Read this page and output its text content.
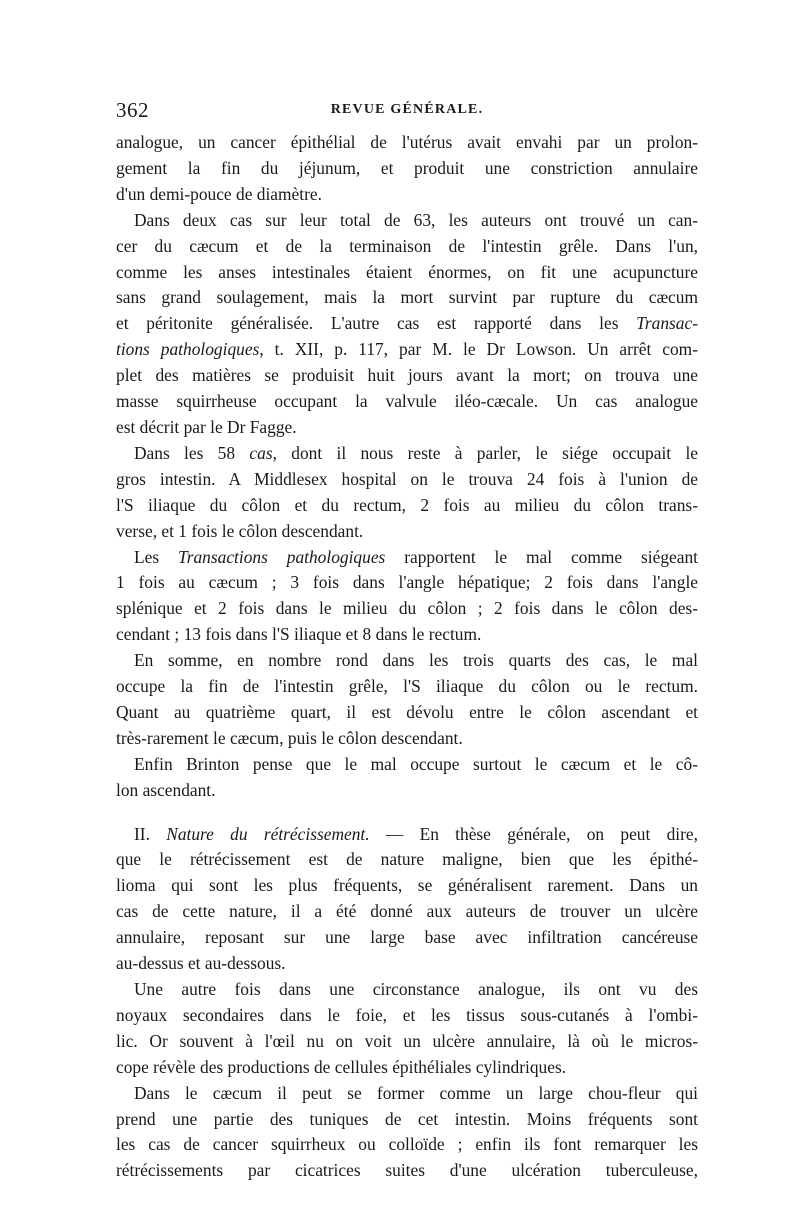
362	REVUE GÉNÉRALE.
analogue, un cancer épithélial de l'utérus avait envahi par un prolon-
gement la fin du jéjunum, et produit une constriction annulaire
d'un demi-pouce de diamètre.
Dans deux cas sur leur total de 63, les auteurs ont trouvé un can-
cer du cæcum et de la terminaison de l'intestin grêle. Dans l'un,
comme les anses intestinales étaient énormes, on fit une acupuncture
sans grand soulagement, mais la mort survint par rupture du cæcum
et péritonite généralisée. L'autre cas est rapporté dans les Transac-
tions pathologiques, t. XII, p. 117, par M. le Dr Lowson. Un arrêt com-
plet des matières se produisit huit jours avant la mort; on trouva une
masse squirrheuse occupant la valvule iléo-cæcale. Un cas analogue
est décrit par le Dr Fagge.
Dans les 58 cas, dont il nous reste à parler, le siége occupait le
gros intestin. A Middlesex hospital on le trouva 24 fois à l'union de
l'S iliaque du côlon et du rectum, 2 fois au milieu du côlon trans-
verse, et 1 fois le côlon descendant.
Les Transactions pathologiques rapportent le mal comme siégeant
1 fois au cæcum ; 3 fois dans l'angle hépatique; 2 fois dans l'angle
splénique et 2 fois dans le milieu du côlon ; 2 fois dans le côlon des-
cendant ; 13 fois dans l'S iliaque et 8 dans le rectum.
En somme, en nombre rond dans les trois quarts des cas, le mal
occupe la fin de l'intestin grêle, l'S iliaque du côlon ou le rectum.
Quant au quatrième quart, il est dévolu entre le côlon ascendant et
très-rarement le cæcum, puis le côlon descendant.
Enfin Brinton pense que le mal occupe surtout le cæcum et le cô-
lon ascendant.
II. Nature du rétrécissement. — En thèse générale, on peut dire,
que le rétrécissement est de nature maligne, bien que les épithé-
lioma qui sont les plus fréquents, se généralisent rarement. Dans un
cas de cette nature, il a été donné aux auteurs de trouver un ulcère
annulaire, reposant sur une large base avec infiltration cancéreuse
au-dessus et au-dessous.
Une autre fois dans une circonstance analogue, ils ont vu des
noyaux secondaires dans le foie, et les tissus sous-cutanés à l'ombi-
lic. Or souvent à l'œil nu on voit un ulcère annulaire, là où le micros-
cope révèle des productions de cellules épithéliales cylindriques.
Dans le cæcum il peut se former comme un large chou-fleur qui
prend une partie des tuniques de cet intestin. Moins fréquents sont
les cas de cancer squirrheux ou colloïde ; enfin ils font remarquer les
rétrécissements par cicatrices suites d'une ulcération tuberculeuse,
